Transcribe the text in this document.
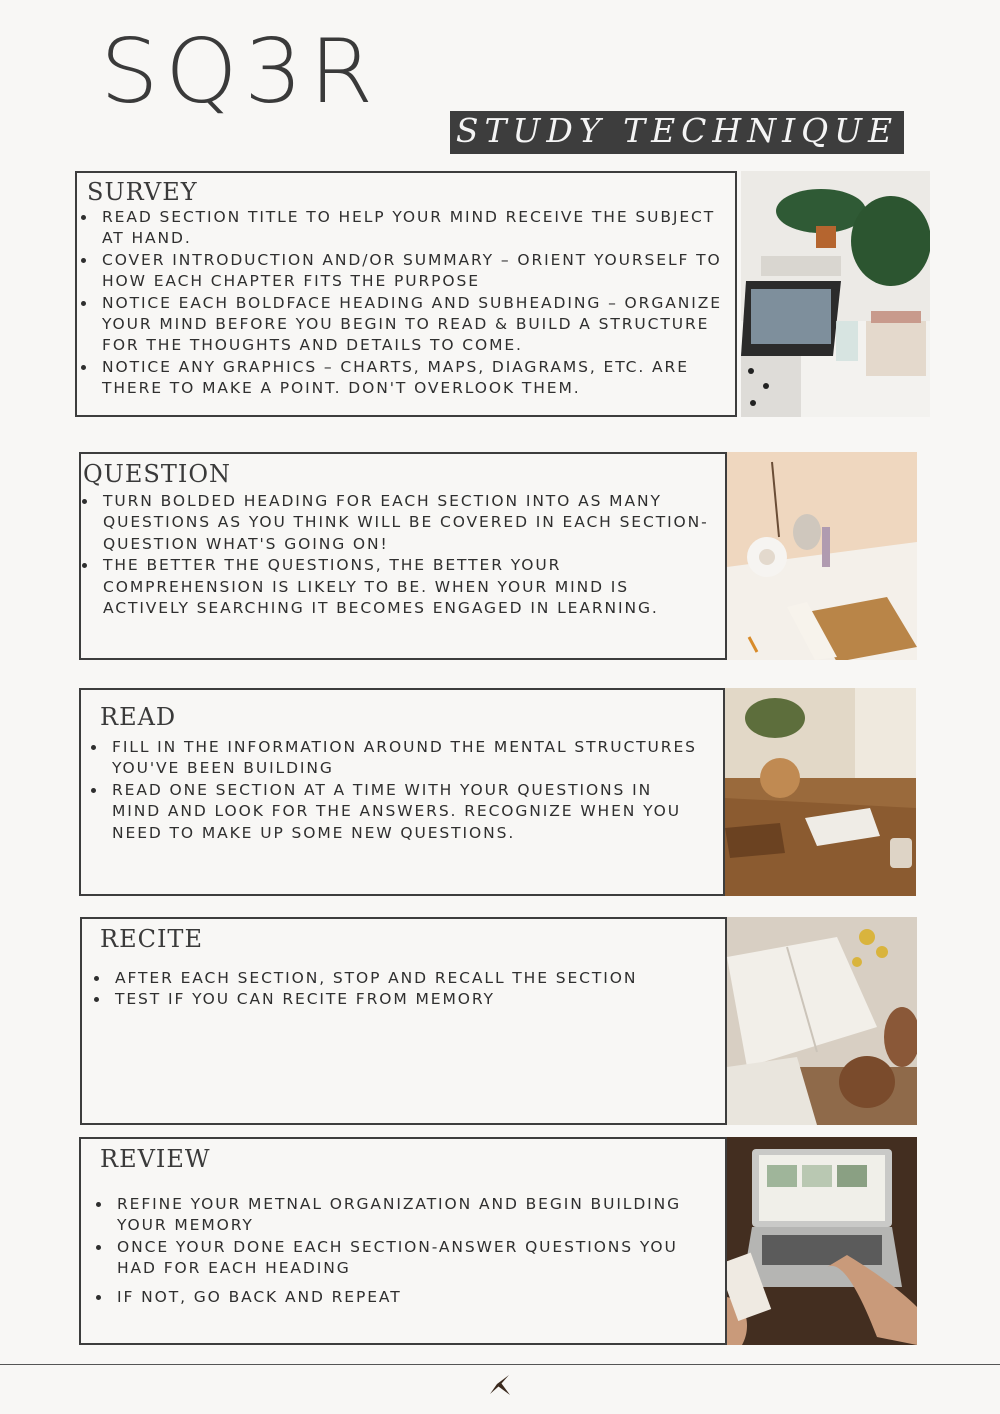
SQ3R
STUDY TECHNIQUE
SURVEY
READ SECTION TITLE TO HELP YOUR MIND RECEIVE THE SUBJECT AT HAND.
COVER INTRODUCTION AND/OR SUMMARY – ORIENT YOURSELF TO HOW EACH CHAPTER FITS THE PURPOSE
NOTICE EACH BOLDFACE HEADING AND SUBHEADING – ORGANIZE YOUR MIND BEFORE YOU BEGIN TO READ & BUILD A STRUCTURE FOR THE THOUGHTS AND DETAILS TO COME.
NOTICE ANY GRAPHICS – CHARTS, MAPS, DIAGRAMS, ETC. ARE THERE TO MAKE A POINT. DON'T OVERLOOK THEM.
QUESTION
TURN BOLDED HEADING FOR EACH SECTION INTO AS MANY QUESTIONS AS YOU THINK WILL BE COVERED IN EACH SECTION-QUESTION WHAT'S GOING ON!
THE BETTER THE QUESTIONS, THE BETTER YOUR COMPREHENSION IS LIKELY TO BE. WHEN YOUR MIND IS ACTIVELY SEARCHING IT BECOMES ENGAGED IN LEARNING.
READ
FILL IN THE INFORMATION AROUND THE MENTAL STRUCTURES YOU'VE BEEN BUILDING
READ ONE SECTION AT A TIME WITH YOUR QUESTIONS IN MIND AND LOOK FOR THE ANSWERS. RECOGNIZE WHEN YOU NEED TO MAKE UP SOME NEW QUESTIONS.
RECITE
AFTER EACH SECTION, STOP AND RECALL THE SECTION
TEST IF YOU CAN RECITE FROM MEMORY
REVIEW
REFINE YOUR METNAL ORGANIZATION AND BEGIN BUILDING YOUR MEMORY
ONCE YOUR DONE EACH SECTION-ANSWER QUESTIONS YOU HAD FOR EACH HEADING
IF NOT, GO BACK AND REPEAT
